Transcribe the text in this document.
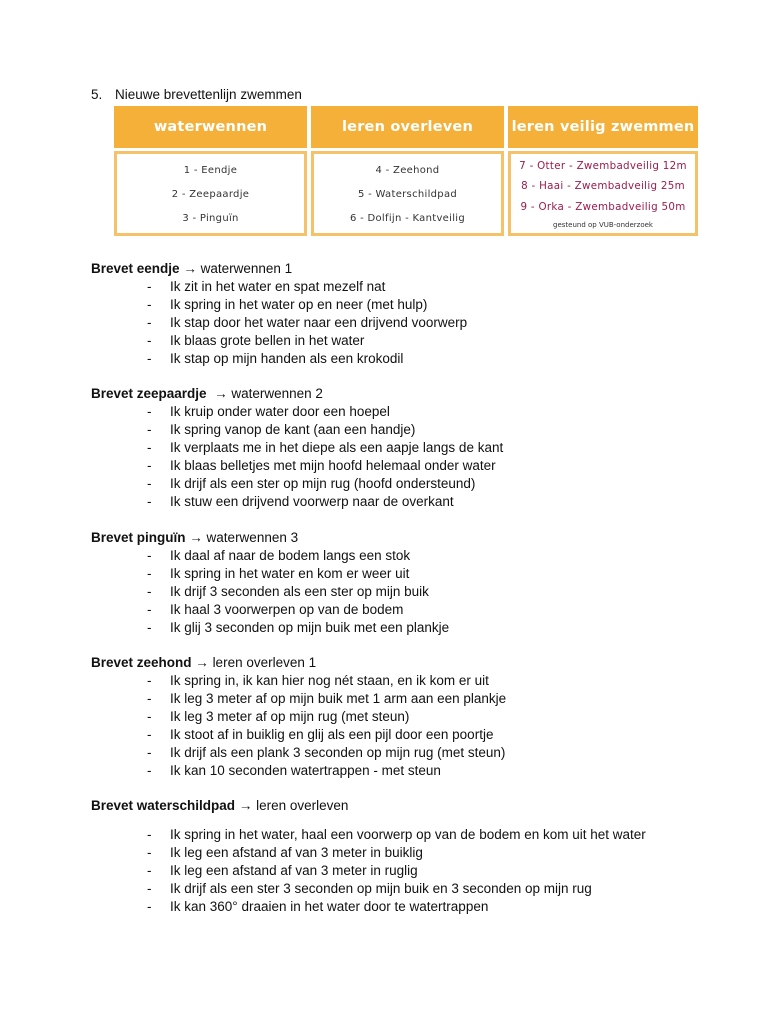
5. Nieuwe brevettenlijn zwemmen
waterwennen
1 - Eendje
2 - Zeepaardje
3 - Pinguïn
leren overleven
4 - Zeehond
5 - Waterschildpad
6 - Dolfijn - Kantveilig
leren veilig zwemmen
7 - Otter - Zwembadveilig 12m
8 - Haai - Zwembadveilig 25m
9 - Orka - Zwembadveilig 50m
gesteund op VUB-onderzoek
Brevet eendje → waterwennen 1
- Ik zit in het water en spat mezelf nat
- Ik spring in het water op en neer (met hulp)
- Ik stap door het water naar een drijvend voorwerp
- Ik blaas grote bellen in het water
- Ik stap op mijn handen als een krokodil
Brevet zeepaardje → waterwennen 2
- Ik kruip onder water door een hoepel
- Ik spring vanop de kant (aan een handje)
- Ik verplaats me in het diepe als een aapje langs de kant
- Ik blaas belletjes met mijn hoofd helemaal onder water
- Ik drijf als een ster op mijn rug (hoofd ondersteund)
- Ik stuw een drijvend voorwerp naar de overkant
Brevet pinguïn → waterwennen 3
- Ik daal af naar de bodem langs een stok
- Ik spring in het water en kom er weer uit
- Ik drijf 3 seconden als een ster op mijn buik
- Ik haal 3 voorwerpen op van de bodem
- Ik glij 3 seconden op mijn buik met een plankje
Brevet zeehond → leren overleven 1
- Ik spring in, ik kan hier nog nét staan, en ik kom er uit
- Ik leg 3 meter af op mijn buik met 1 arm aan een plankje
- Ik leg 3 meter af op mijn rug (met steun)
- Ik stoot af in buiklig en glij als een pijl door een poortje
- Ik drijf als een plank 3 seconden op mijn rug (met steun)
- Ik kan 10 seconden watertrappen - met steun
Brevet waterschildpad → leren overleven
- Ik spring in het water, haal een voorwerp op van de bodem en kom uit het water
- Ik leg een afstand af van 3 meter in buiklig
- Ik leg een afstand af van 3 meter in ruglig
- Ik drijf als een ster 3 seconden op mijn buik en 3 seconden op mijn rug
- Ik kan 360° draaien in het water door te watertrappen
